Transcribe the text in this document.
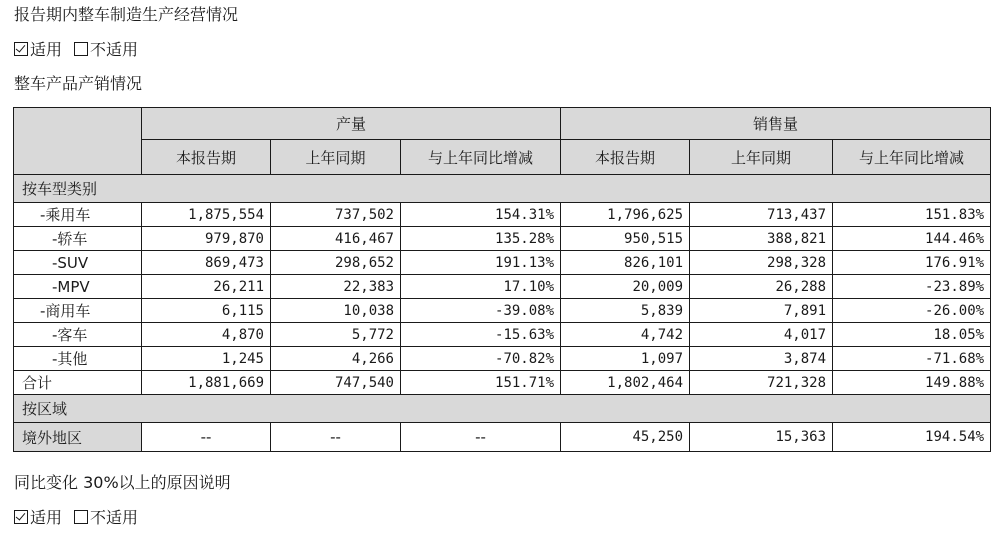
报告期内整车制造生产经营情况
适用 不适用
整车产品产销情况
	产量			销售量		
	本报告期	上年同期	与上年同比增减	本报告期	上年同期	与上年同比增减
按车型类别						
-乘用车	1,875,554	737,502	154.31%	1,796,625	713,437	151.83%
-轿车	979,870	416,467	135.28%	950,515	388,821	144.46%
-SUV	869,473	298,652	191.13%	826,101	298,328	176.91%
-MPV	26,211	22,383	17.10%	20,009	26,288	-23.89%
-商用车	6,115	10,038	-39.08%	5,839	7,891	-26.00%
-客车	4,870	5,772	-15.63%	4,742	4,017	18.05%
-其他	1,245	4,266	-70.82%	1,097	3,874	-71.68%
合计	1,881,669	747,540	151.71%	1,802,464	721,328	149.88%
按区域						
境外地区	--	--	--	45,250	15,363	194.54%
同比变化 30%以上的原因说明
适用 不适用
